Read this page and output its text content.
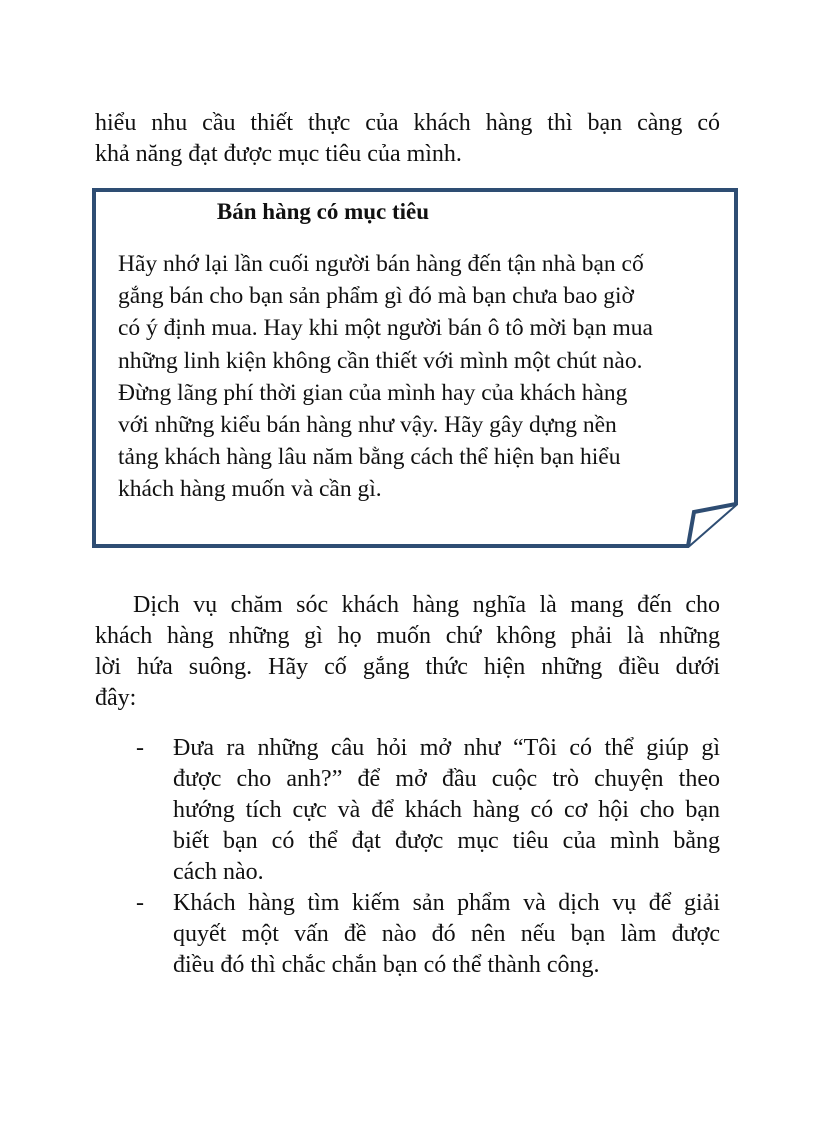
hiểu nhu cầu thiết thực của khách hàng thì bạn càng có
khả năng đạt được mục tiêu của mình.

Bán hàng có mục tiêu

Hãy nhớ lại lần cuối người bán hàng đến tận nhà bạn cố
gắng bán cho bạn sản phẩm gì đó mà bạn chưa bao giờ
có ý định mua. Hay khi một người bán ô tô mời bạn mua
những linh kiện không cần thiết với mình một chút nào.
Đừng lãng phí thời gian của mình hay của khách hàng
với những kiểu bán hàng như vậy. Hãy gây dựng nền
tảng khách hàng lâu năm bằng cách thể hiện bạn hiểu
khách hàng muốn và cần gì.

Dịch vụ chăm sóc khách hàng nghĩa là mang đến cho
khách hàng những gì họ muốn chứ không phải là những
lời hứa suông. Hãy cố gắng thức hiện những điều dưới
đây:

- Đưa ra những câu hỏi mở như “Tôi có thể giúp gì
được cho anh?” để mở đầu cuộc trò chuyện theo
hướng tích cực và để khách hàng có cơ hội cho bạn
biết bạn có thể đạt được mục tiêu của mình bằng
cách nào.

- Khách hàng tìm kiếm sản phẩm và dịch vụ để giải
quyết một vấn đề nào đó nên nếu bạn làm được
điều đó thì chắc chắn bạn có thể thành công.
